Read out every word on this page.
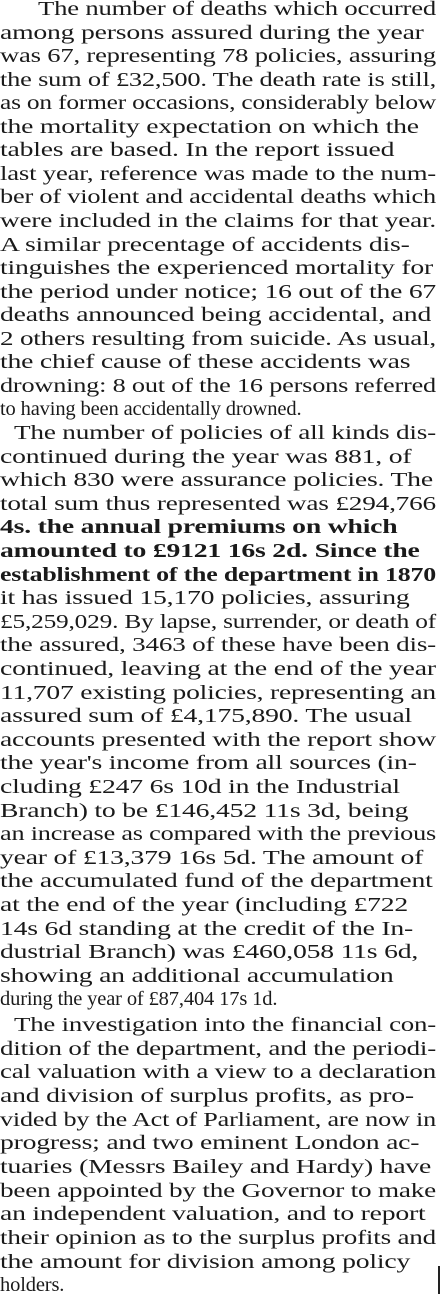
The number of deaths which occurred
among persons assured during the year
was 67, representing 78 policies, assuring
the sum of £32,500. The death rate is still,
as on former occasions, considerably below
the mortality expectation on which the
tables are based. In the report issued
last year, reference was made to the num-
ber of violent and accidental deaths which
were included in the claims for that year.
A similar precentage of accidents dis-
tinguishes the experienced mortality for
the period under notice; 16 out of the 67
deaths announced being accidental, and
2 others resulting from suicide. As usual,
the chief cause of these accidents was
drowning: 8 out of the 16 persons referred
to having been accidentally drowned.
The number of policies of all kinds dis-
continued during the year was 881, of
which 830 were assurance policies. The
total sum thus represented was £294,766
4s. the annual premiums on which
amounted to £9121 16s 2d. Since the
establishment of the department in 1870
it has issued 15,170 policies, assuring
£5,259,029. By lapse, surrender, or death of
the assured, 3463 of these have been dis-
continued, leaving at the end of the year
11,707 existing policies, representing an
assured sum of £4,175,890. The usual
accounts presented with the report show
the year's income from all sources (in-
cluding £247 6s 10d in the Industrial
Branch) to be £146,452 11s 3d, being
an increase as compared with the previous
year of £13,379 16s 5d. The amount of
the accumulated fund of the department
at the end of the year (including £722
14s 6d standing at the credit of the In-
dustrial Branch) was £460,058 11s 6d,
showing an additional accumulation
during the year of £87,404 17s 1d.
The investigation into the financial con-
dition of the department, and the periodi-
cal valuation with a view to a declaration
and division of surplus profits, as pro-
vided by the Act of Parliament, are now in
progress; and two eminent London ac-
tuaries (Messrs Bailey and Hardy) have
been appointed by the Governor to make
an independent valuation, and to report
their opinion as to the surplus profits and
the amount for division among policy
holders.
